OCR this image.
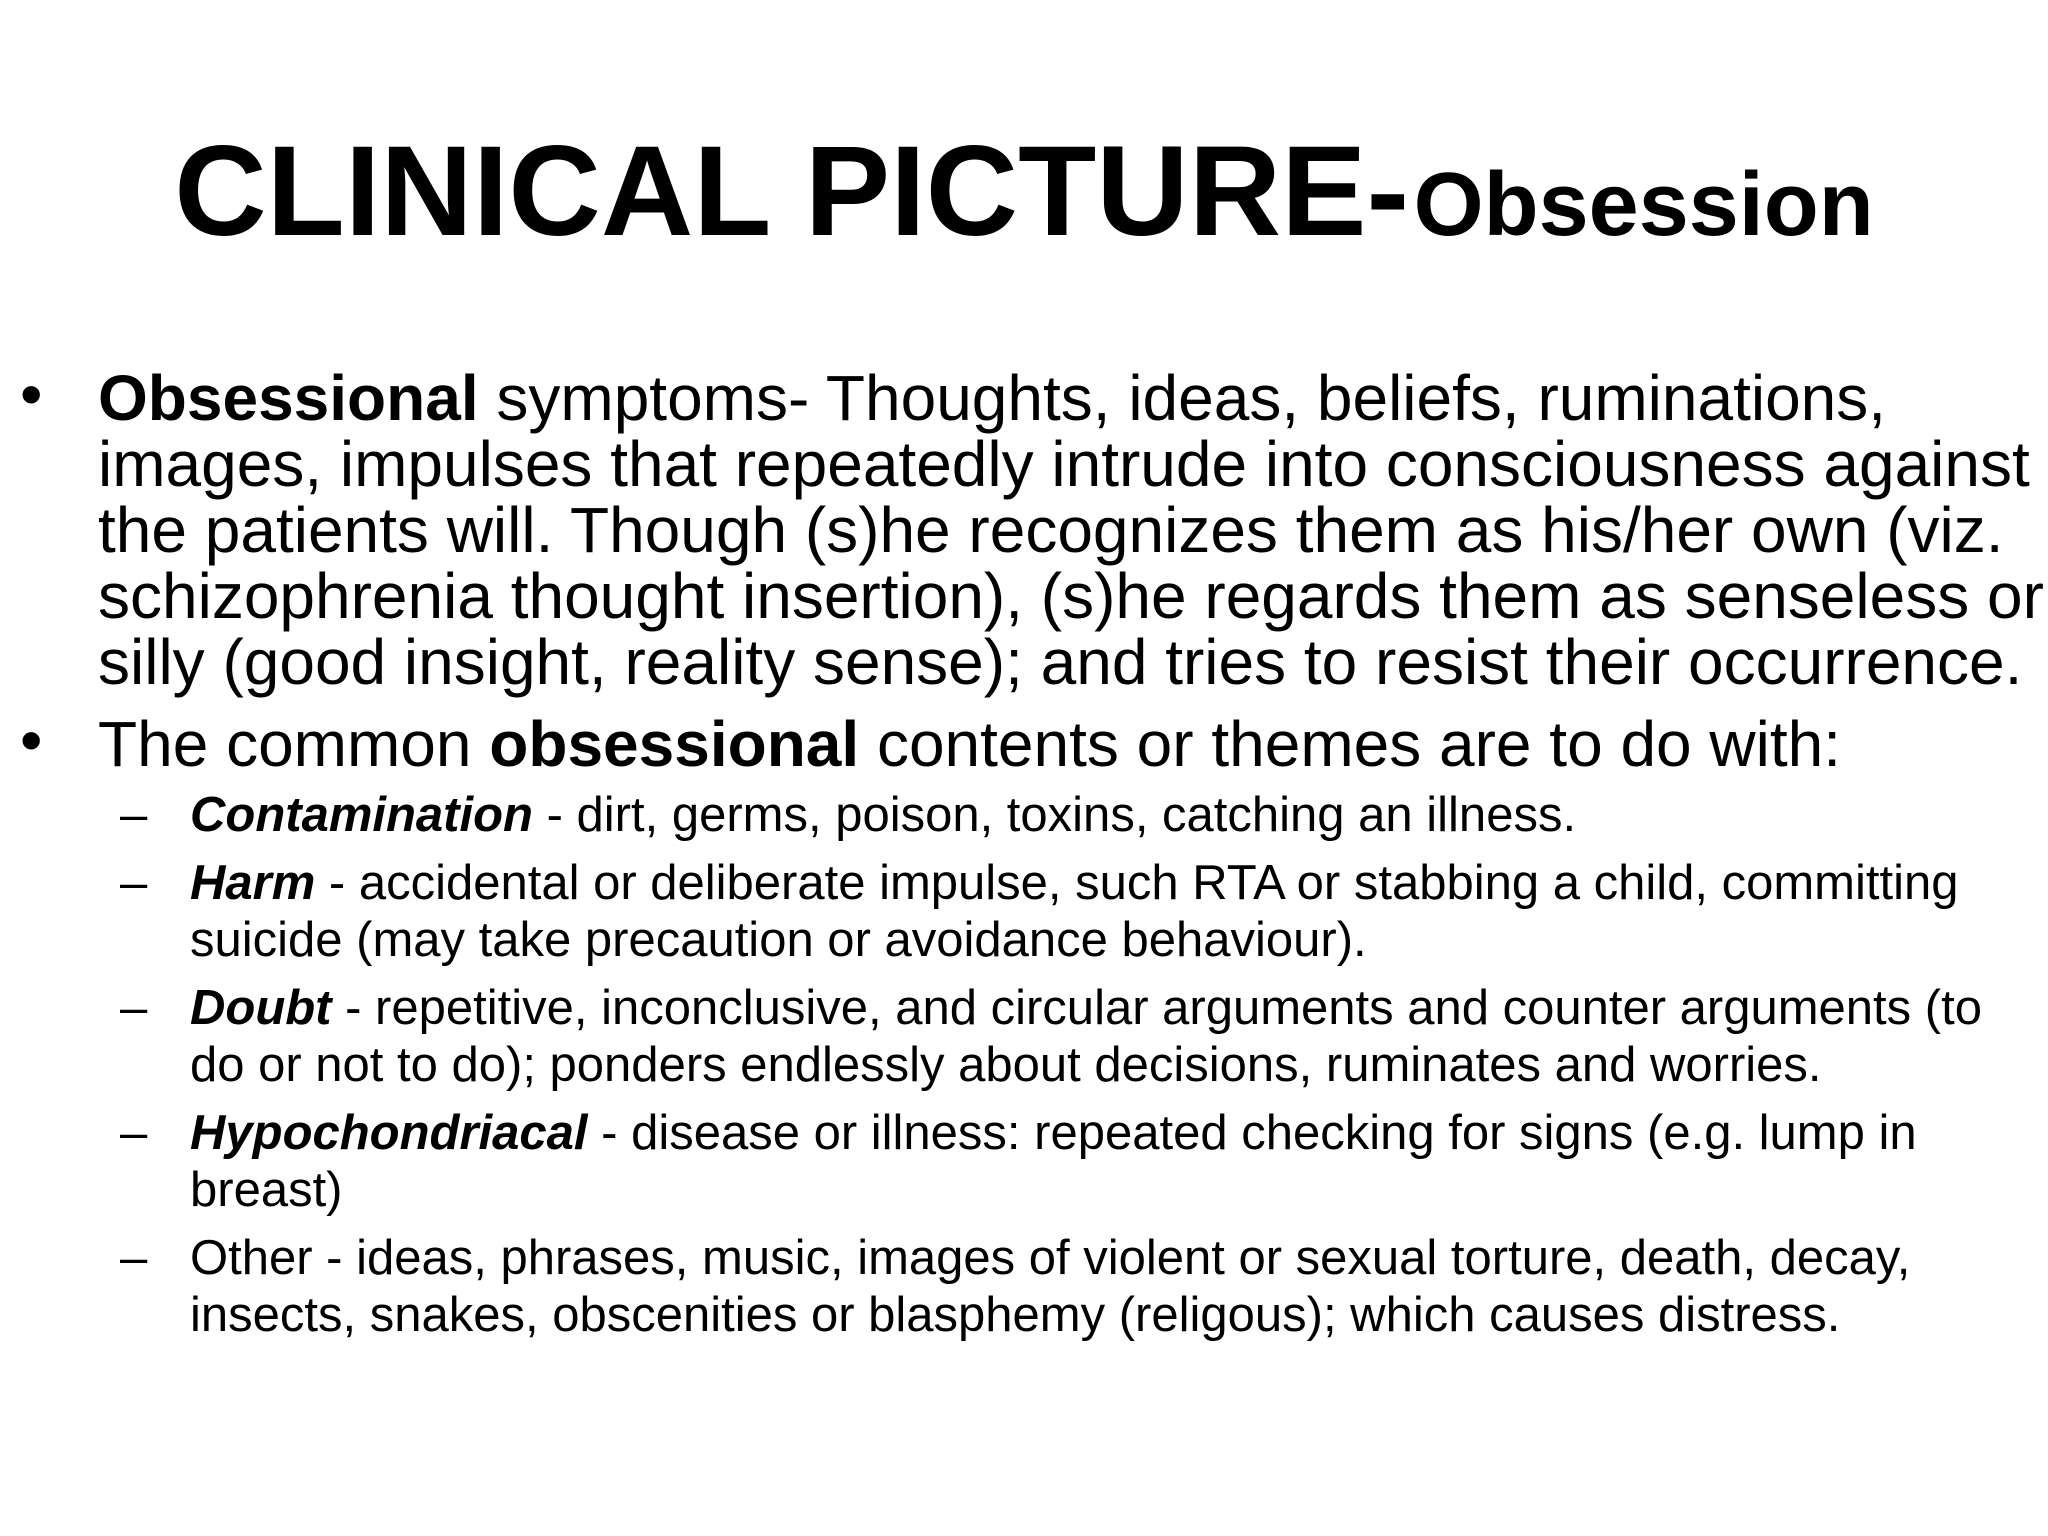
CLINICAL PICTURE- Obsession
• Obsessional symptoms- Thoughts, ideas, beliefs, ruminations, images, impulses that repeatedly intrude into consciousness against the patients will. Though (s)he recognizes them as his/her own (viz. schizophrenia thought insertion), (s)he regards them as senseless or silly (good insight, reality sense); and tries to resist their occurrence.
• The common obsessional contents or themes are to do with:
– Contamination - dirt, germs, poison, toxins, catching an illness.
– Harm - accidental or deliberate impulse, such RTA or stabbing a child, committing suicide (may take precaution or avoidance behaviour).
– Doubt - repetitive, inconclusive, and circular arguments and counter arguments (to do or not to do); ponders endlessly about decisions, ruminates and worries.
– Hypochondriacal - disease or illness: repeated checking for signs (e.g. lump in breast)
– Other - ideas, phrases, music, images of violent or sexual torture, death, decay, insects, snakes, obscenities or blasphemy (religous); which causes distress.
